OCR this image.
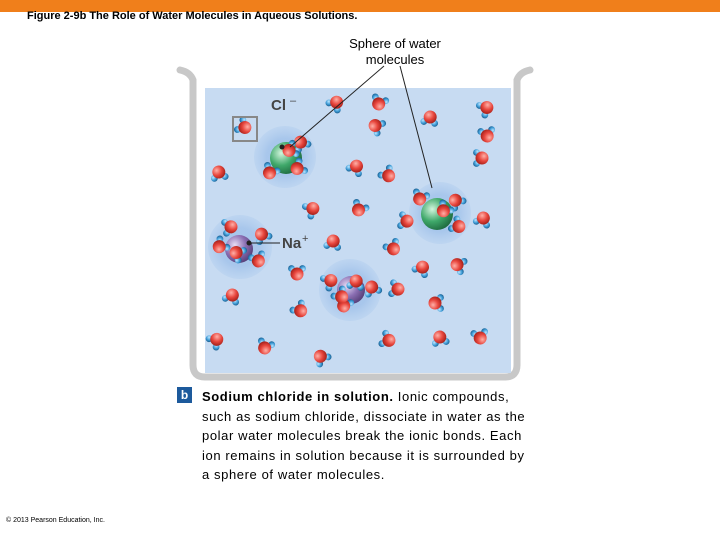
Figure 2-9b The Role of Water Molecules in Aqueous Solutions.
Sphere of water molecules
Cl –
Na +
b Sodium chloride in solution. Ionic compounds, such as sodium chloride, dissociate in water as the polar water molecules break the ionic bonds. Each ion remains in solution because it is surrounded by a sphere of water molecules.
© 2013 Pearson Education, Inc.
